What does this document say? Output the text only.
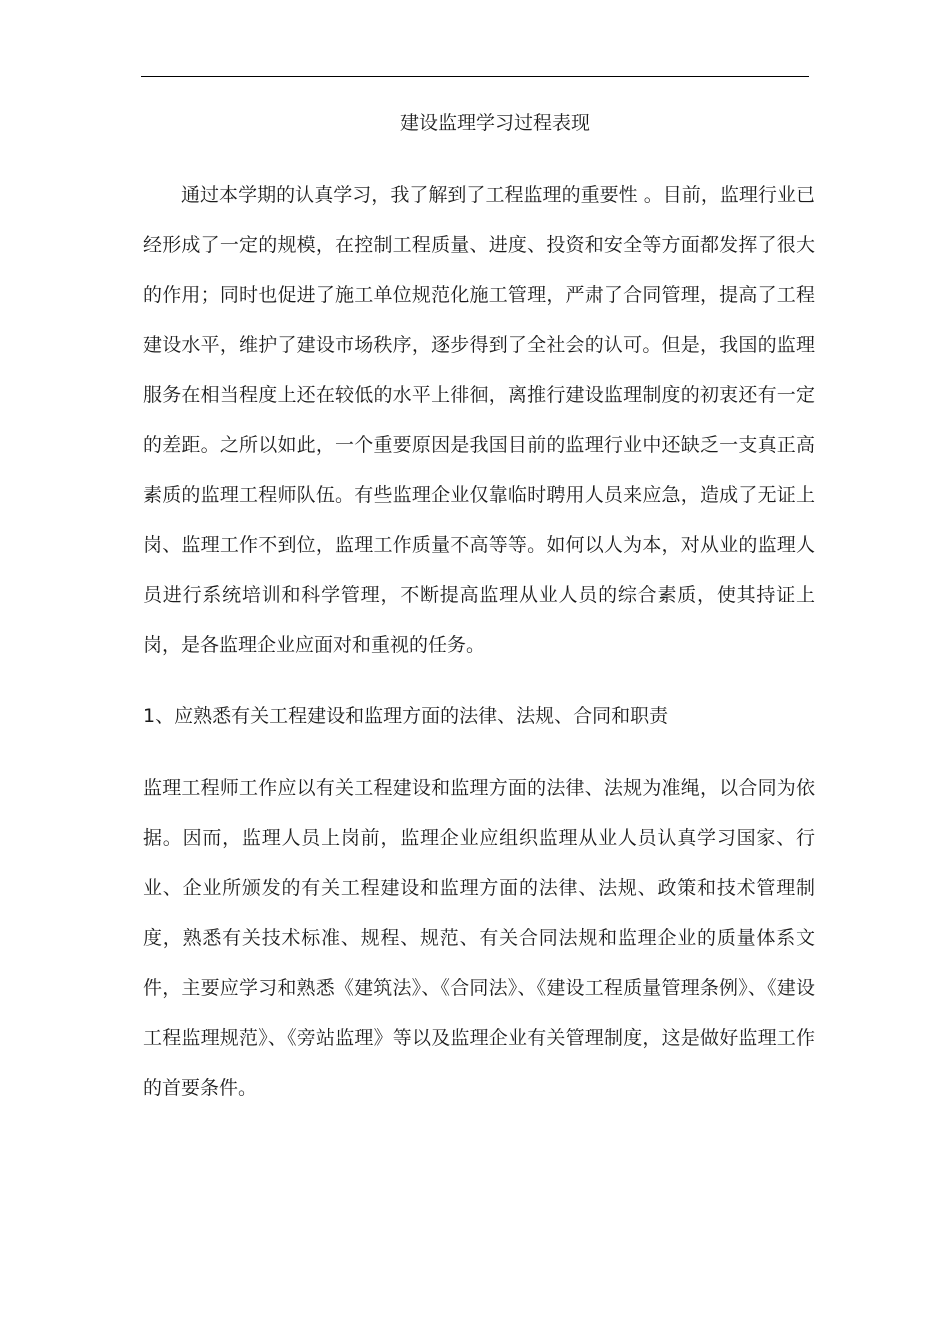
建设监理学习过程表现

通过本学期的认真学习，我了解到了工程监理的重要性 。目前，监理行业已经形成了一定的规模，在控制工程质量、进度、投资和安全等方面都发挥了很大的作用；同时也促进了施工单位规范化施工管理，严肃了合同管理，提高了工程建设水平，维护了建设市场秩序，逐步得到了全社会的认可。但是，我国的监理服务在相当程度上还在较低的水平上徘徊，离推行建设监理制度的初衷还有一定的差距。之所以如此，一个重要原因是我国目前的监理行业中还缺乏一支真正高素质的监理工程师队伍。有些监理企业仅靠临时聘用人员来应急，造成了无证上岗、监理工作不到位，监理工作质量不高等等。如何以人为本，对从业的监理人员进行系统培训和科学管理，不断提高监理从业人员的综合素质，使其持证上岗，是各监理企业应面对和重视的任务。

1、应熟悉有关工程建设和监理方面的法律、法规、合同和职责

监理工程师工作应以有关工程建设和监理方面的法律、法规为准绳，以合同为依据。因而，监理人员上岗前，监理企业应组织监理从业人员认真学习国家、行业、企业所颁发的有关工程建设和监理方面的法律、法规、政策和技术管理制度，熟悉有关技术标准、规程、规范、有关合同法规和监理企业的质量体系文件，主要应学习和熟悉《建筑法》、《合同法》、《建设工程质量管理条例》、《建设工程监理规范》、《旁站监理》等以及监理企业有关管理制度，这是做好监理工作的首要条件。
